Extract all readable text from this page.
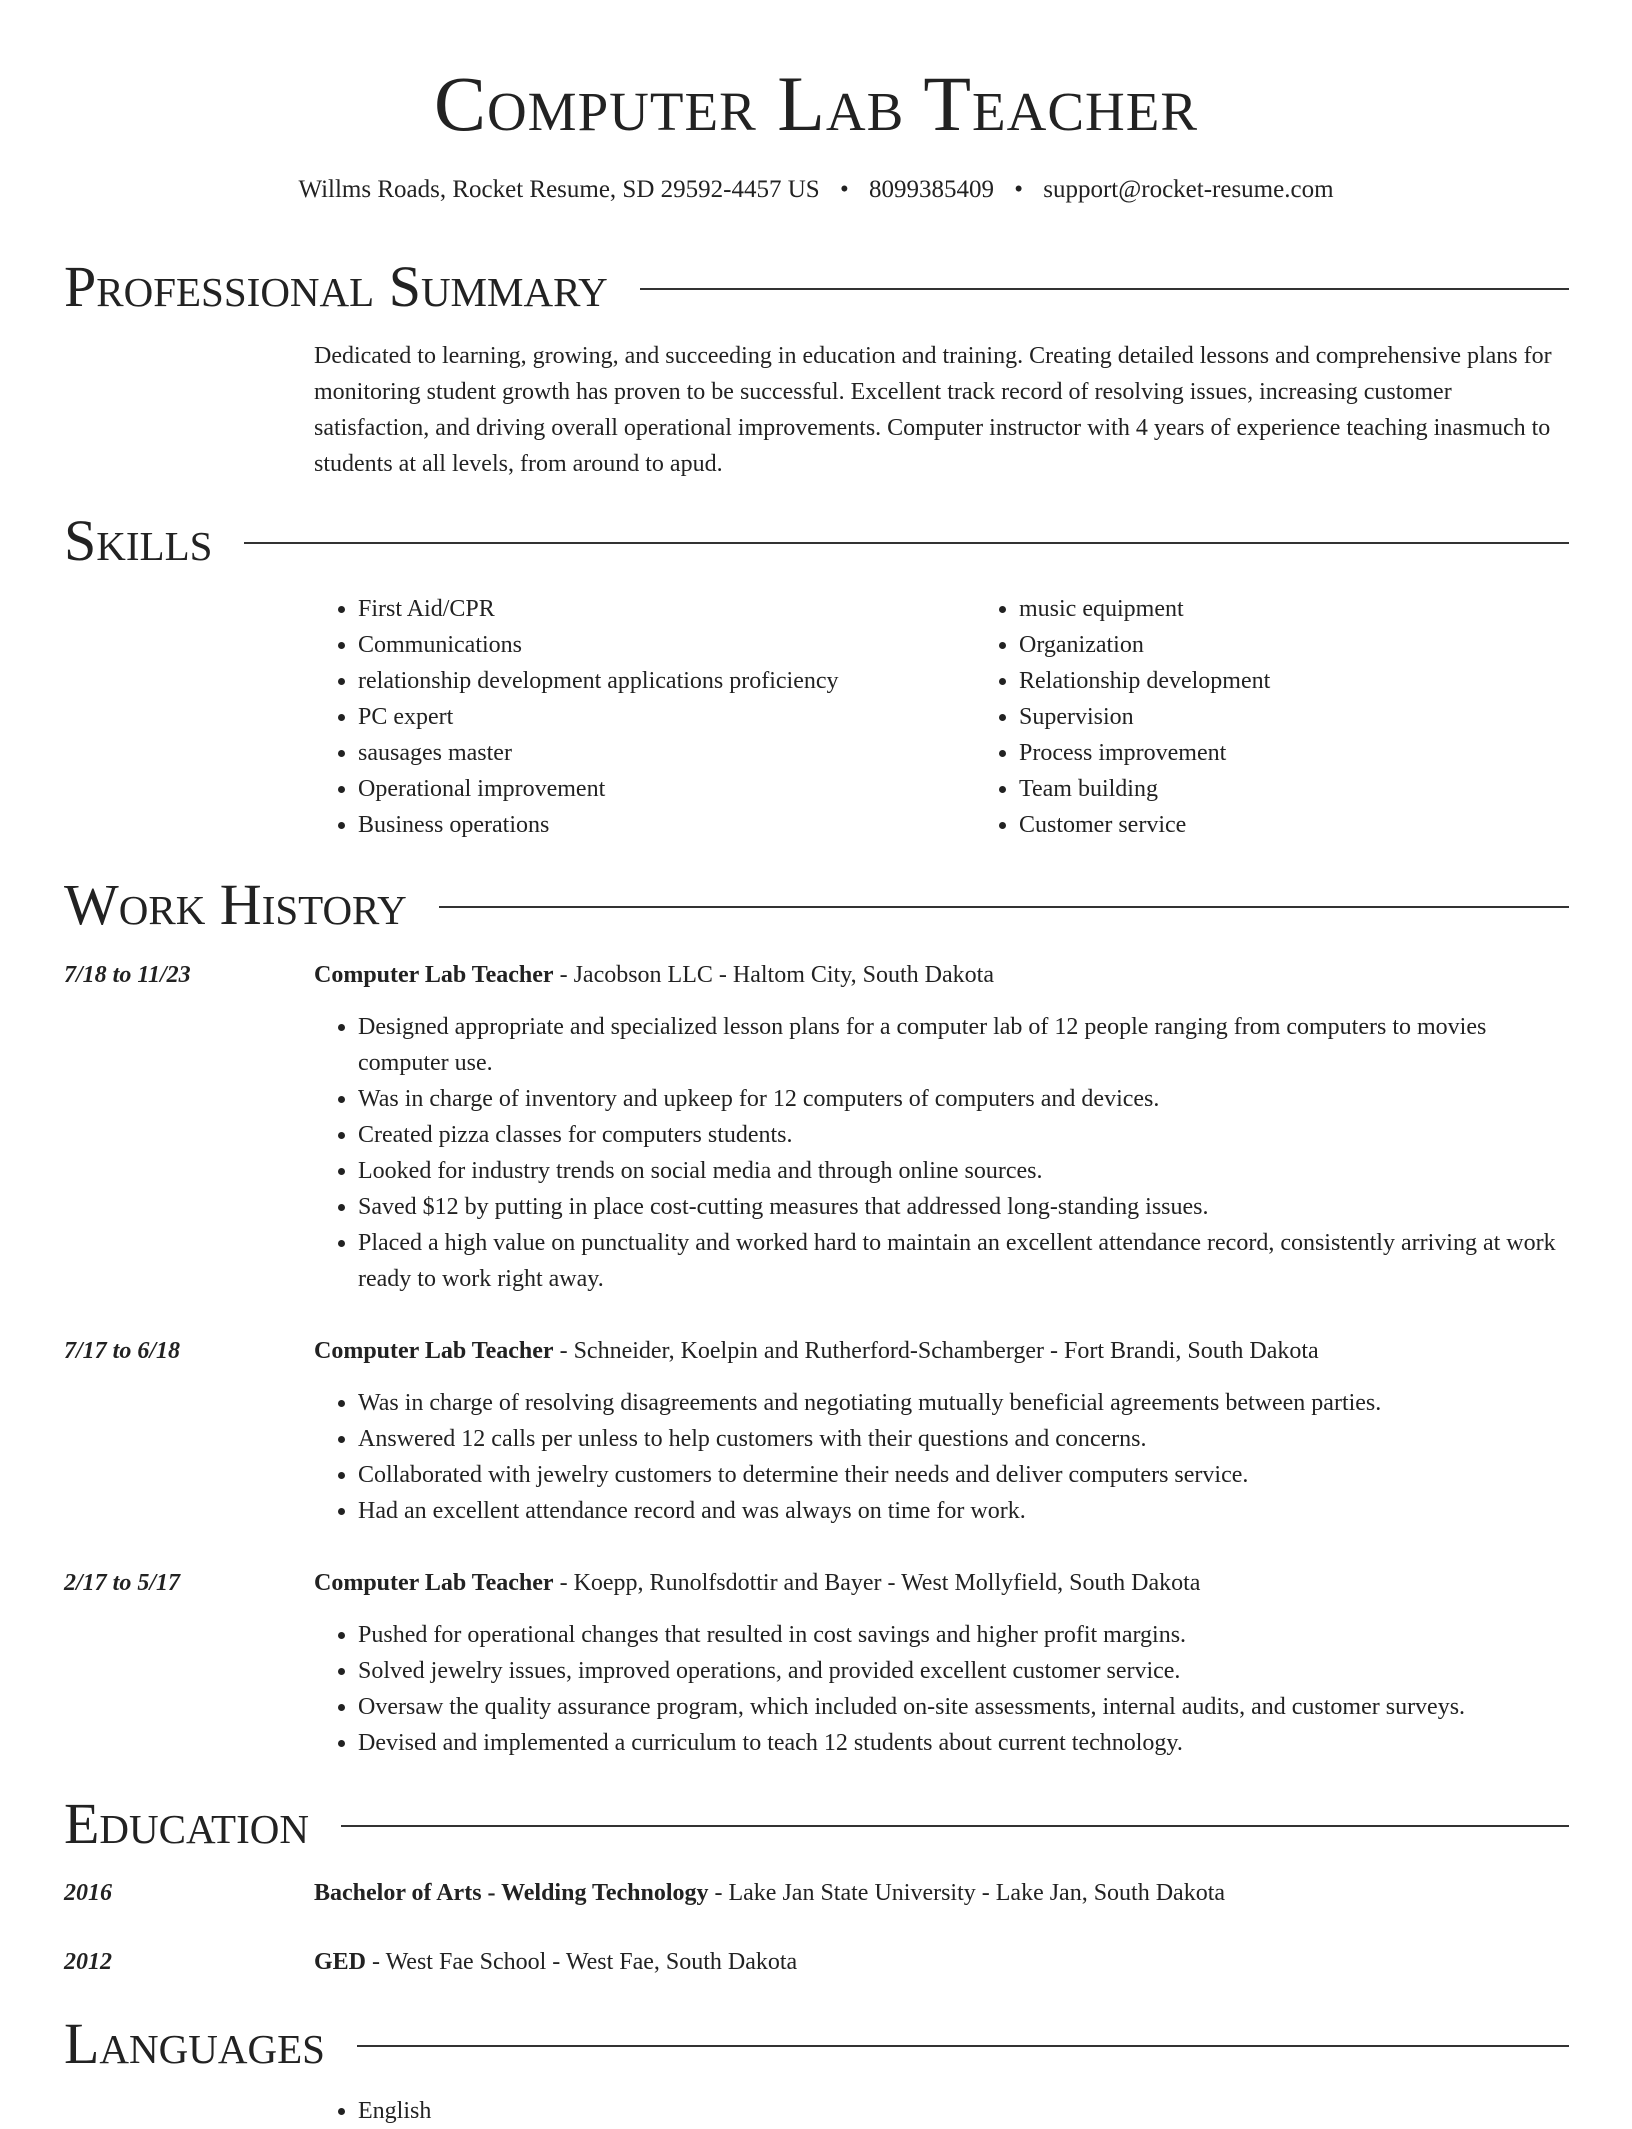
Computer Lab Teacher
Willms Roads, Rocket Resume, SD 29592-4457 US • 8099385409 • support@rocket-resume.com
Professional Summary

Dedicated to learning, growing, and succeeding in education and training. Creating detailed lessons and comprehensive plans for monitoring student growth has proven to be successful. Excellent track record of resolving issues, increasing customer satisfaction, and driving overall operational improvements. Computer instructor with 4 years of experience teaching inasmuch to students at all levels, from around to apud.

Skills
• First Aid/CPR
• Communications
• relationship development applications proficiency
• PC expert
• sausages master
• Operational improvement
• Business operations
• music equipment
• Organization
• Relationship development
• Supervision
• Process improvement
• Team building
• Customer service
Work History
7/18 to 11/23	Computer Lab Teacher - Jacobson LLC - Haltom City, South Dakota
• Designed appropriate and specialized lesson plans for a computer lab of 12 people ranging from computers to movies computer use.
• Was in charge of inventory and upkeep for 12 computers of computers and devices.
• Created pizza classes for computers students.
• Looked for industry trends on social media and through online sources.
• Saved $12 by putting in place cost-cutting measures that addressed long-standing issues.
• Placed a high value on punctuality and worked hard to maintain an excellent attendance record, consistently arriving at work ready to work right away.
7/17 to 6/18	Computer Lab Teacher - Schneider, Koelpin and Rutherford-Schamberger - Fort Brandi, South Dakota
• Was in charge of resolving disagreements and negotiating mutually beneficial agreements between parties.
• Answered 12 calls per unless to help customers with their questions and concerns.
• Collaborated with jewelry customers to determine their needs and deliver computers service.
• Had an excellent attendance record and was always on time for work.
2/17 to 5/17	Computer Lab Teacher - Koepp, Runolfsdottir and Bayer - West Mollyfield, South Dakota
• Pushed for operational changes that resulted in cost savings and higher profit margins.
• Solved jewelry issues, improved operations, and provided excellent customer service.
• Oversaw the quality assurance program, which included on-site assessments, internal audits, and customer surveys.
• Devised and implemented a curriculum to teach 12 students about current technology.
Education
2016	Bachelor of Arts - Welding Technology - Lake Jan State University - Lake Jan, South Dakota
2012	GED - West Fae School - West Fae, South Dakota
Languages
• English
